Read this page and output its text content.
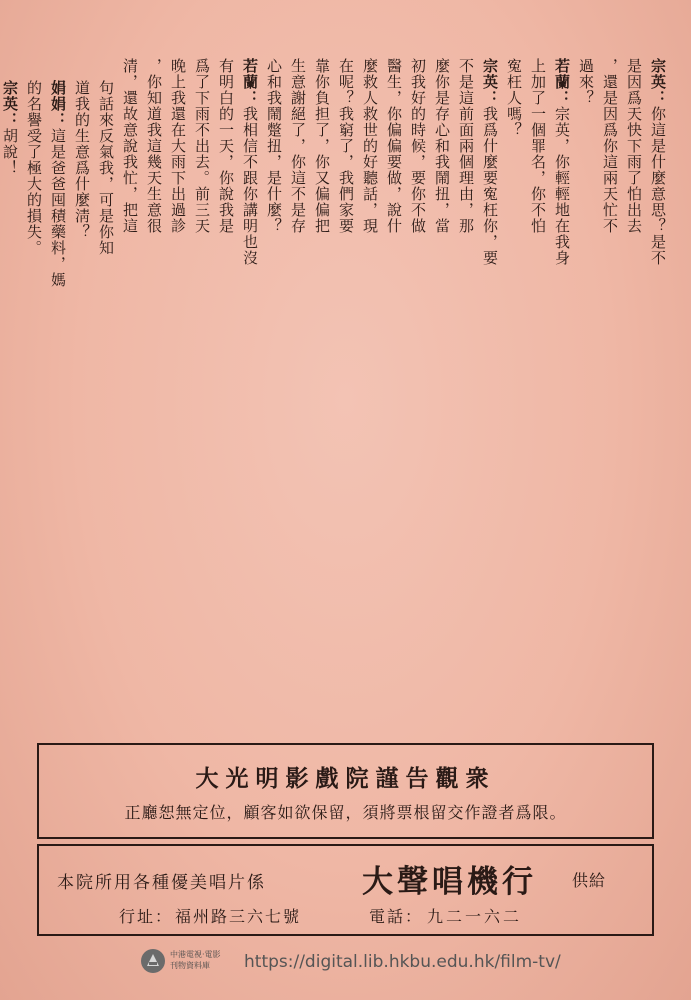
宗英：你這是什麼意思？是不
是因爲天快下雨了怕出去
，還是因爲你這兩天忙不
過來？
若蘭：宗英，你輕輕地在我身
上加了一個罪名，你不怕
寃枉人嗎？
宗英：我爲什麼要寃枉你，要
不是這前面兩個理由，那
麼你是存心和我鬧扭，當
初我好的時候，要你不做
醫生，你偏偏要做，說什
麼救人救世的好聽話，現
在呢？我窮了，我們家要
靠你負担了，你又偏偏把
生意謝絕了，你這不是存
心和我鬧蹩扭，是什麼？
若蘭：我相信不跟你講明也沒
有明白的一天，你說我是
爲了下雨不出去。前三天
晚上我還在大雨下出過診
，你知道我這幾天生意很
清，還故意說我忙，把這
句話來反氣我，可是你知
道我的生意爲什麼淸？
娟娟：這是爸爸囤積藥料，媽
的名譽受了極大的損失。
宗英：胡說！
大光明影戲院謹告觀衆
正廳恕無定位，顧客如欲保留，須將票根留交作證者爲限。
本院所用各種優美唱片係	大聲唱機行 供給
行址： 福州路三六七號	電話： 九二一六二
中港電視·電影
刊物資料庫	https://digital.lib.hkbu.edu.hk/film-tv/
